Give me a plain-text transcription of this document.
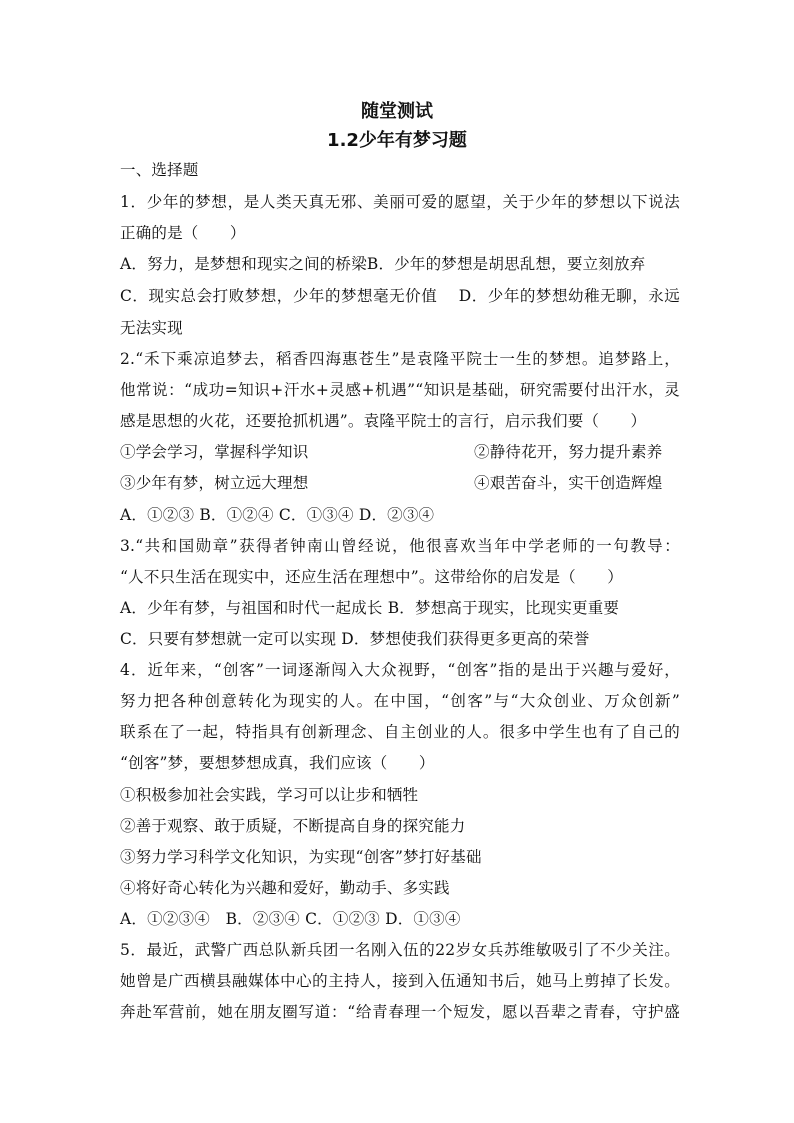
随堂测试
1.2少年有梦习题
一、选择题
1．少年的梦想，是人类天真无邪、美丽可爱的愿望，关于少年的梦想以下说法
正确的是（　　）
A．努力，是梦想和现实之间的桥梁B．少年的梦想是胡思乱想，要立刻放弃
C．现实总会打败梦想，少年的梦想毫无价值　 D．少年的梦想幼稚无聊，永远
无法实现
2.“禾下乘凉追梦去，稻香四海惠苍生”是袁隆平院士一生的梦想。追梦路上，
他常说：“成功=知识+汗水+灵感+机遇”“知识是基础，研究需要付出汗水，灵
感是思想的火花，还要抢抓机遇”。袁隆平院士的言行，启示我们要（　　）
①学会学习，掌握科学知识	②静待花开，努力提升素养
③少年有梦，树立远大理想	④艰苦奋斗，实干创造辉煌
A．①②③ B．①②④ C．①③④ D．②③④
3.“共和国勋章”获得者钟南山曾经说，他很喜欢当年中学老师的一句教导：
“人不只生活在现实中，还应生活在理想中”。这带给你的启发是（　　）
A．少年有梦，与祖国和时代一起成长 B．梦想高于现实，比现实更重要
C．只要有梦想就一定可以实现 D．梦想使我们获得更多更高的荣誉
4．近年来，“创客”一词逐渐闯入大众视野，“创客”指的是出于兴趣与爱好，
努力把各种创意转化为现实的人。在中国，“创客”与“大众创业、万众创新”
联系在了一起，特指具有创新理念、自主创业的人。很多中学生也有了自己的
“创客”梦，要想梦想成真，我们应该（　　）
①积极参加社会实践，学习可以让步和牺牲
②善于观察、敢于质疑，不断提高自身的探究能力
③努力学习科学文化知识，为实现“创客”梦打好基础
④将好奇心转化为兴趣和爱好，勤动手、多实践
A．①②③④　B．②③④ C．①②③ D．①③④
5．最近，武警广西总队新兵团一名刚入伍的22岁女兵苏维敏吸引了不少关注。
她曾是广西横县融媒体中心的主持人，接到入伍通知书后，她马上剪掉了长发。
奔赴军营前，她在朋友圈写道：“给青春理一个短发，愿以吾辈之青春，守护盛
